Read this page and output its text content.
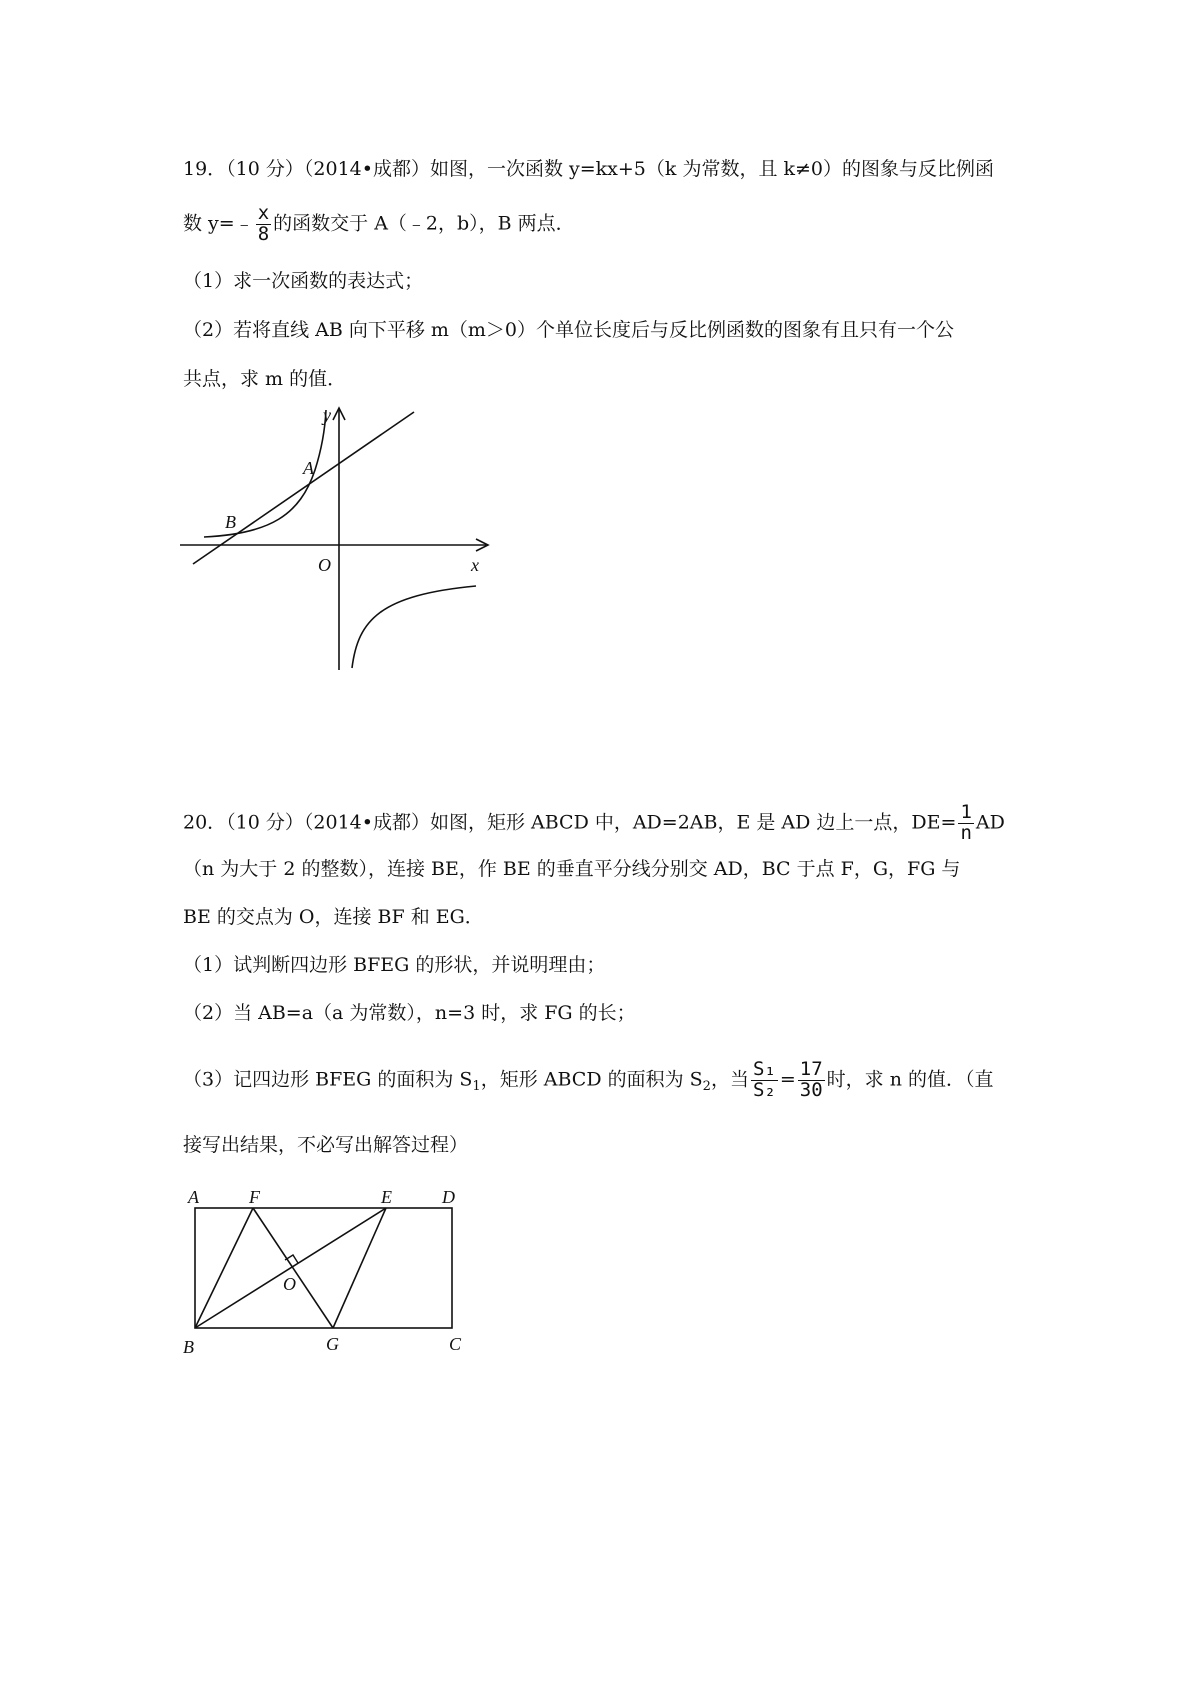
19．（10 分）（2014•成都）如图，一次函数 y=kx+5（k 为常数，且 k≠0）的图象与反比例函
数 y=﹣ $\frac{x}{8}$ 的函数交于 A（﹣2，b），B 两点．
（1）求一次函数的表达式；
（2）若将直线 AB 向下平移 m（m＞0）个单位长度后与反比例函数的图象有且只有一个公
共点，求 m 的值．
y
x
O
A
B
20．（10 分）（2014•成都）如图，矩形 ABCD 中，AD=2AB，E 是 AD 边上一点，$DE= \frac{1}{n}$ AD
（n 为大于 2 的整数），连接 BE，作 BE 的垂直平分线分别交 AD，BC 于点 F，G，FG 与
BE 的交点为 O，连接 BF 和 EG．
（1）试判断四边形 BFEG 的形状，并说明理由；
（2）当 AB=a（a 为常数），n=3 时，求 FG 的长；
（3）记四边形 BFEG 的面积为 $S_1$，矩形 ABCD 的面积为 $S_2$，当 $\frac{\text{S₁}}{\text{S₂}} = \frac{17}{30}$ 时，求 n 的值．（直
接写出结果，不必写出解答过程）
A	F	E	D
O
B	G	C
